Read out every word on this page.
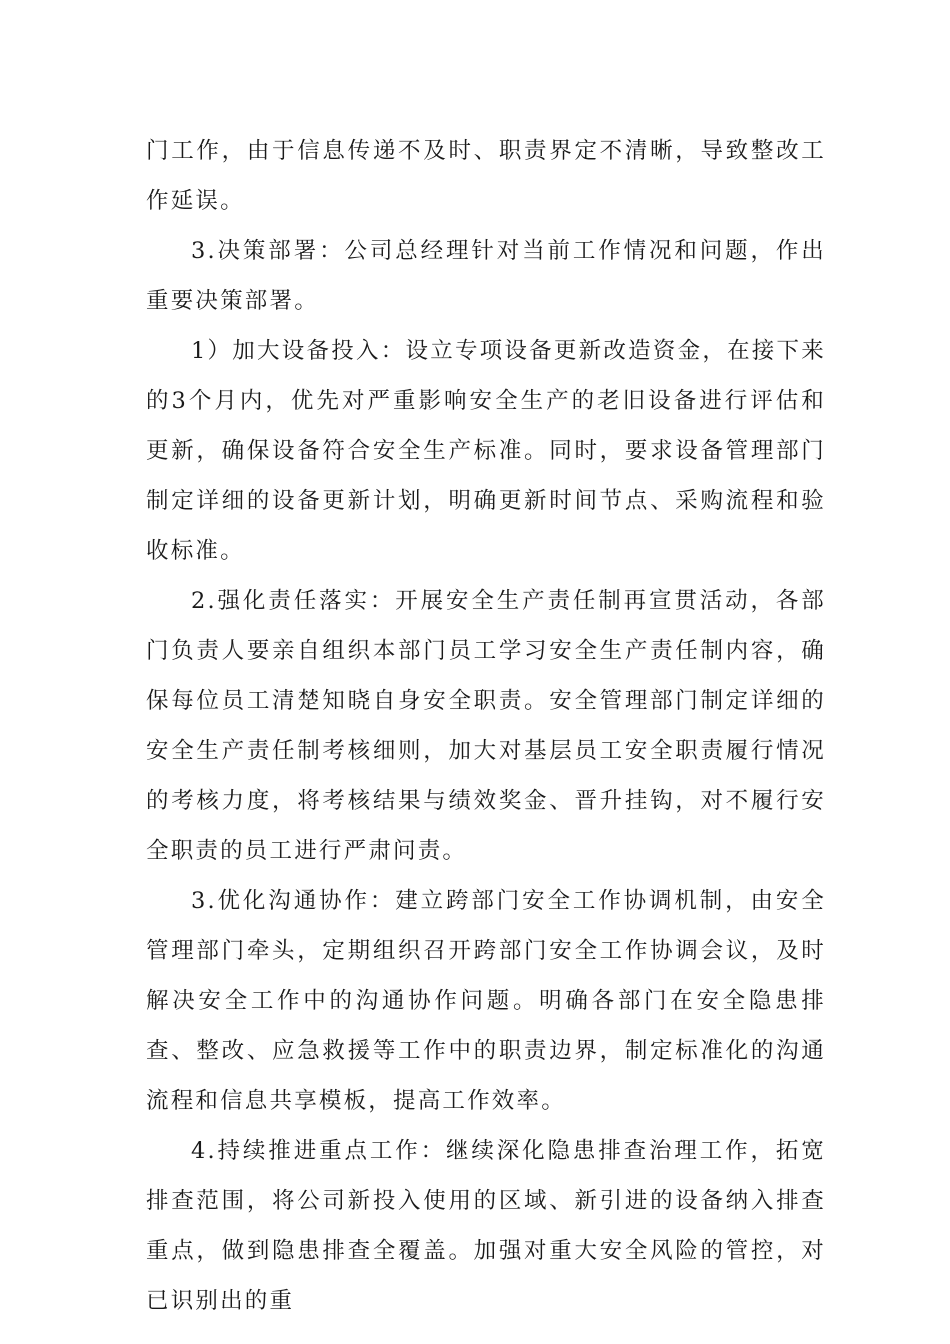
门工作，由于信息传递不及时、职责界定不清晰，导致整改工作延误。

3.决策部署：公司总经理针对当前工作情况和问题，作出重要决策部署。

1）加大设备投入：设立专项设备更新改造资金，在接下来的3个月内，优先对严重影响安全生产的老旧设备进行评估和更新，确保设备符合安全生产标准。同时，要求设备管理部门制定详细的设备更新计划，明确更新时间节点、采购流程和验收标准。

2.强化责任落实：开展安全生产责任制再宣贯活动，各部门负责人要亲自组织本部门员工学习安全生产责任制内容，确保每位员工清楚知晓自身安全职责。安全管理部门制定详细的安全生产责任制考核细则，加大对基层员工安全职责履行情况的考核力度，将考核结果与绩效奖金、晋升挂钩，对不履行安全职责的员工进行严肃问责。

3.优化沟通协作：建立跨部门安全工作协调机制，由安全管理部门牵头，定期组织召开跨部门安全工作协调会议，及时解决安全工作中的沟通协作问题。明确各部门在安全隐患排查、整改、应急救援等工作中的职责边界，制定标准化的沟通流程和信息共享模板，提高工作效率。

4.持续推进重点工作：继续深化隐患排查治理工作，拓宽排查范围，将公司新投入使用的区域、新引进的设备纳入排查重点，做到隐患排查全覆盖。加强对重大安全风险的管控，对已识别出的重
